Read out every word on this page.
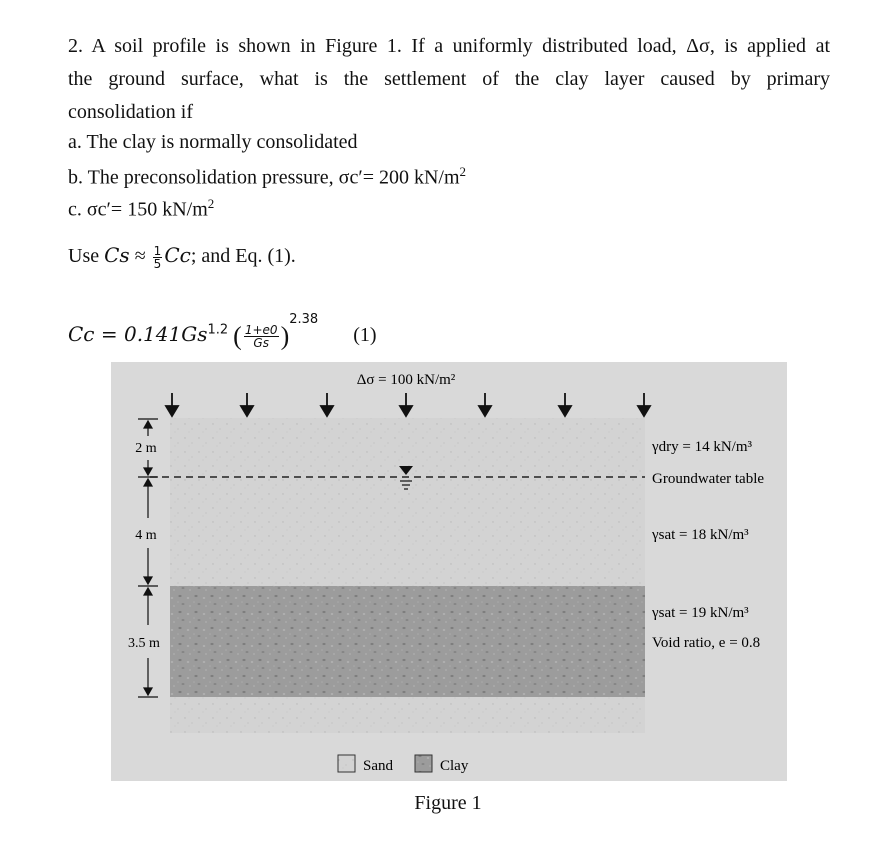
2. A soil profile is shown in Figure 1. If a uniformly distributed load, Δσ, is applied at
the ground surface, what is the settlement of the clay layer caused by primary
consolidation if
a. The clay is normally consolidated
b. The preconsolidation pressure, σc′= 200 $kN/m^2$
c. σc′= 150 $kN/m^2$
Use $Cs \approx \frac{1}{5} Cc$; and Eq. (1).
$Cc = 0.141Gs^{1.2}$ ( $\frac{1+e0}{Gs} )^{2.38}$ (1)
Δσ = 100 kN/m²
2 m
4 m
3.5 m
γdry = 14 kN/m³
Groundwater table
γsat = 18 kN/m³
γsat = 19 kN/m³
Void ratio, e = 0.8
Sand	Clay
Figure 1
